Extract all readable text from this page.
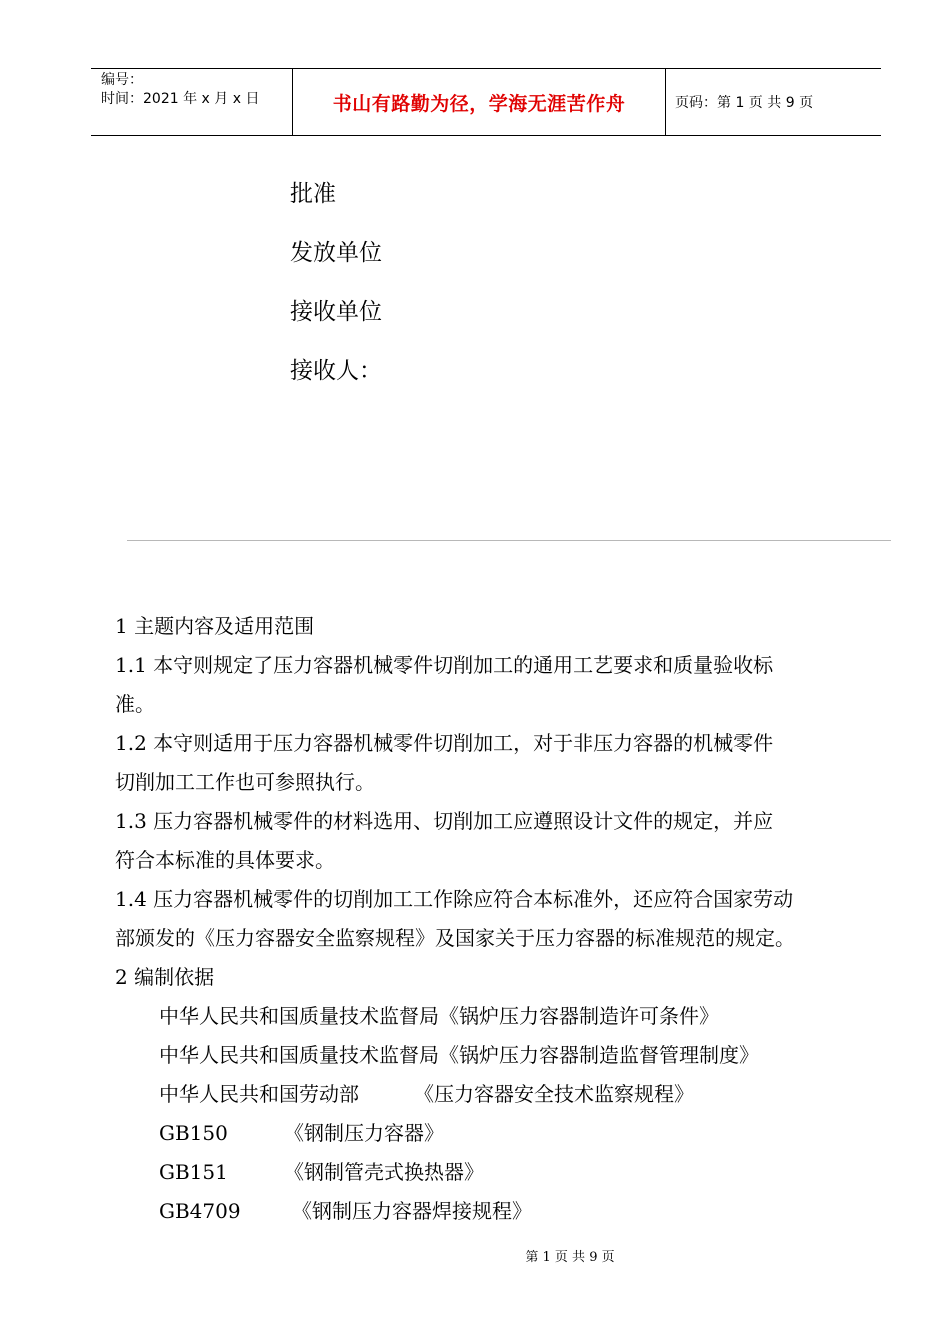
编号：
时间：2021 年 x 月 x 日	书山有路勤为径，学海无涯苦作舟	页码：第 1 页 共 9 页
批准
发放单位
接收单位
接收人：
1 主题内容及适用范围
1.1 本守则规定了压力容器机械零件切削加工的通用工艺要求和质量验收标
准。
1.2 本守则适用于压力容器机械零件切削加工，对于非压力容器的机械零件
切削加工工作也可参照执行。
1.3 压力容器机械零件的材料选用、切削加工应遵照设计文件的规定，并应
符合本标准的具体要求。
1.4 压力容器机械零件的切削加工工作除应符合本标准外，还应符合国家劳动
部颁发的《压力容器安全监察规程》及国家关于压力容器的标准规范的规定。
2 编制依据
中华人民共和国质量技术监督局《锅炉压力容器制造许可条件》
中华人民共和国质量技术监督局《锅炉压力容器制造监督管理制度》
中华人民共和国劳动部	《压力容器安全技术监察规程》
GB150	《钢制压力容器》
GB151	《钢制管壳式换热器》
GB4709	《钢制压力容器焊接规程》
第 1 页 共 9 页
